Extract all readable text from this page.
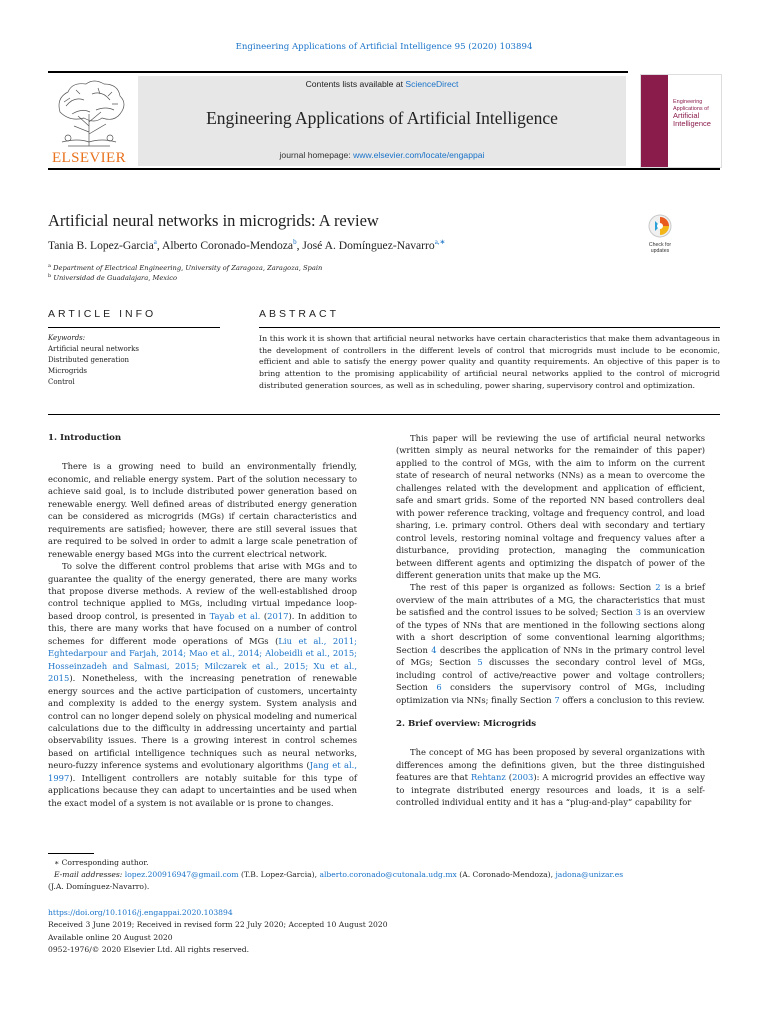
Engineering Applications of Artificial Intelligence 95 (2020) 103894
ELSEVIER
Contents lists available at ScienceDirect
Engineering Applications of Artificial Intelligence
journal homepage: www.elsevier.com/locate/engappai
Engineering Applications of
Artificial Intelligence
Artificial neural networks in microgrids: A review
Tania B. Lopez-Garcia$^a$, Alberto Coronado-Mendoza$^b$, José A. Domínguez-Navarro$^{a,∗}$
$^a$ Department of Electrical Engineering, University of Zaragoza, Zaragoza, Spain
$^b$ Universidad de Guadalajara, Mexico
Check for updates
ARTICLE INFO	ABSTRACT
Keywords:
Artificial neural networks
Distributed generation
Microgrids
Control

In this work it is shown that artificial neural networks have certain characteristics that make them advantageous in the development of controllers in the different levels of control that microgrids must include to be economic, efficient and able to satisfy the energy power quality and quantity requirements. An objective of this paper is to bring attention to the promising applicability of artificial neural networks applied to the control of microgrid distributed generation sources, as well as in scheduling, power sharing, supervisory control and optimization.

1. Introduction

There is a growing need to build an environmentally friendly, economic, and reliable energy system. Part of the solution necessary to achieve said goal, is to include distributed power generation based on renewable energy. Well defined areas of distributed energy generation can be considered as microgrids (MGs) if certain characteristics and requirements are satisfied; however, there are still several issues that are required to be solved in order to admit a large scale penetration of renewable energy based MGs into the current electrical network.

To solve the different control problems that arise with MGs and to guarantee the quality of the energy generated, there are many works that propose diverse methods. A review of the well-established droop control technique applied to MGs, including virtual impedance loop-based droop control, is presented in Tayab et al. (2017). In addition to this, there are many works that have focused on a number of control schemes for different mode operations of MGs (Liu et al., 2011; Eghtedarpour and Farjah, 2014; Mao et al., 2014; Alobeidli et al., 2015; Hosseinzadeh and Salmasi, 2015; Milczarek et al., 2015; Xu et al., 2015). Nonetheless, with the increasing penetration of renewable energy sources and the active participation of customers, uncertainty and complexity is added to the energy system. System analysis and control can no longer depend solely on physical modeling and numerical calculations due to the difficulty in addressing uncertainty and partial observability issues. There is a growing interest in control schemes based on artificial intelligence techniques such as neural networks, neuro-fuzzy inference systems and evolutionary algorithms (Jang et al., 1997). Intelligent controllers are notably suitable for this type of applications because they can adapt to uncertainties and be used when the exact model of a system is not available or is prone to changes.

This paper will be reviewing the use of artificial neural networks (written simply as neural networks for the remainder of this paper) applied to the control of MGs, with the aim to inform on the current state of research of neural networks (NNs) as a mean to overcome the challenges related with the development and application of efficient, safe and smart grids. Some of the reported NN based controllers deal with power reference tracking, voltage and frequency control, and load sharing, i.e. primary control. Others deal with secondary and tertiary control levels, restoring nominal voltage and frequency values after a disturbance, providing protection, managing the communication between different agents and optimizing the dispatch of power of the different generation units that make up the MG.

The rest of this paper is organized as follows: Section 2 is a brief overview of the main attributes of a MG, the characteristics that must be satisfied and the control issues to be solved; Section 3 is an overview of the types of NNs that are mentioned in the following sections along with a short description of some conventional learning algorithms; Section 4 describes the application of NNs in the primary control level of MGs; Section 5 discusses the secondary control level of MGs, including control of active/reactive power and voltage controllers; Section 6 considers the supervisory control of MGs, including optimization via NNs; finally Section 7 offers a conclusion to this review.

2. Brief overview: Microgrids

The concept of MG has been proposed by several organizations with differences among the definitions given, but the three distinguished features are that Rehtanz (2003): A microgrid provides an effective way to integrate distributed energy resources and loads, it is a self-controlled individual entity and it has a “plug-and-play” capability for

∗ Corresponding author.
E-mail addresses: lopez.200916947@gmail.com (T.B. Lopez-Garcia), alberto.coronado@cutonala.udg.mx (A. Coronado-Mendoza), jadona@unizar.es
(J.A. Domínguez-Navarro).
https://doi.org/10.1016/j.engappai.2020.103894
Received 3 June 2019; Received in revised form 22 July 2020; Accepted 10 August 2020
Available online 20 August 2020
0952-1976/© 2020 Elsevier Ltd. All rights reserved.
